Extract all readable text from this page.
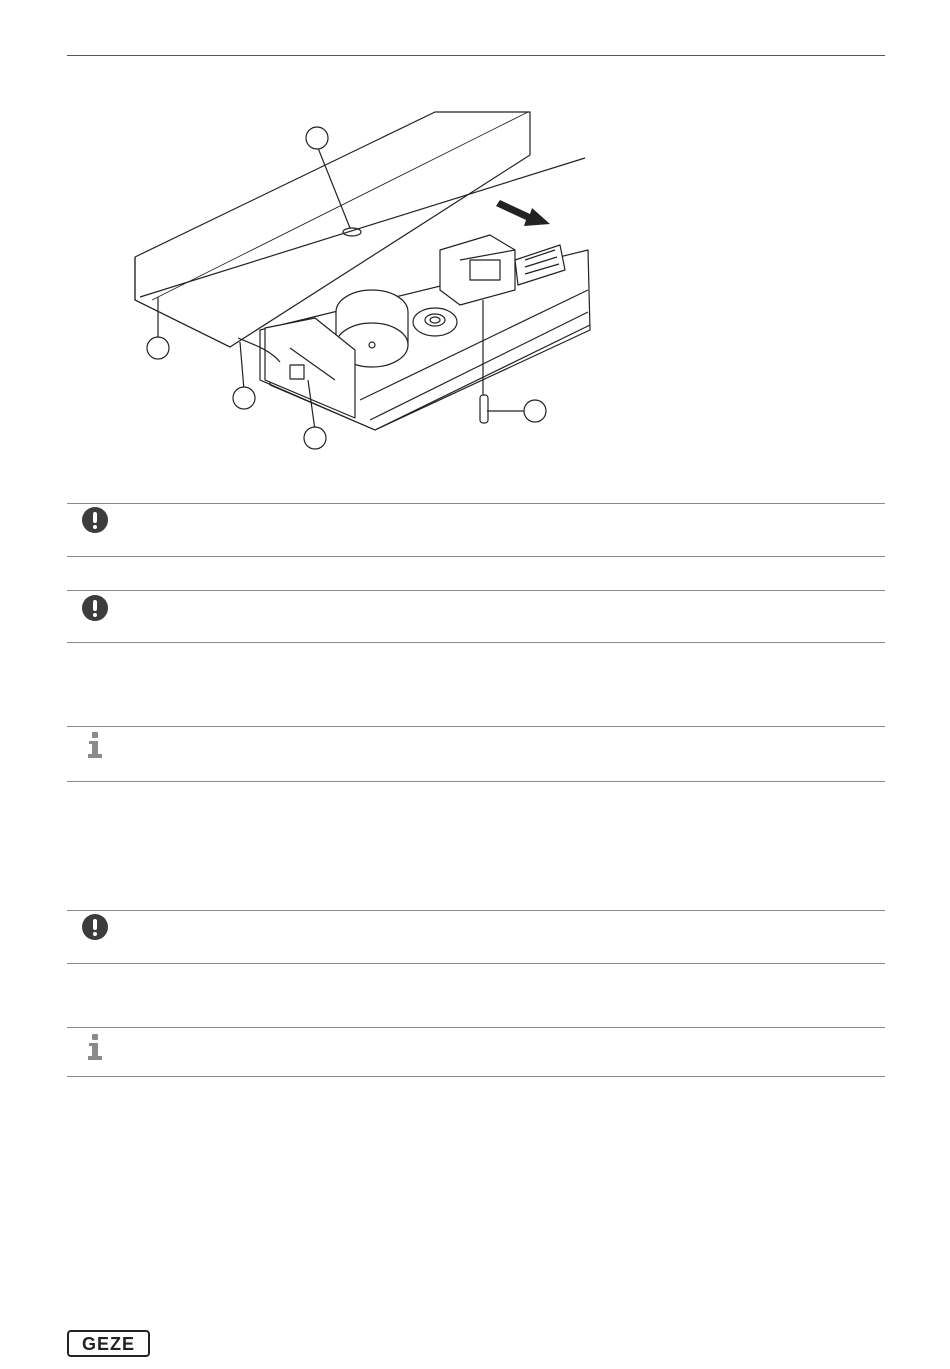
GEZE
